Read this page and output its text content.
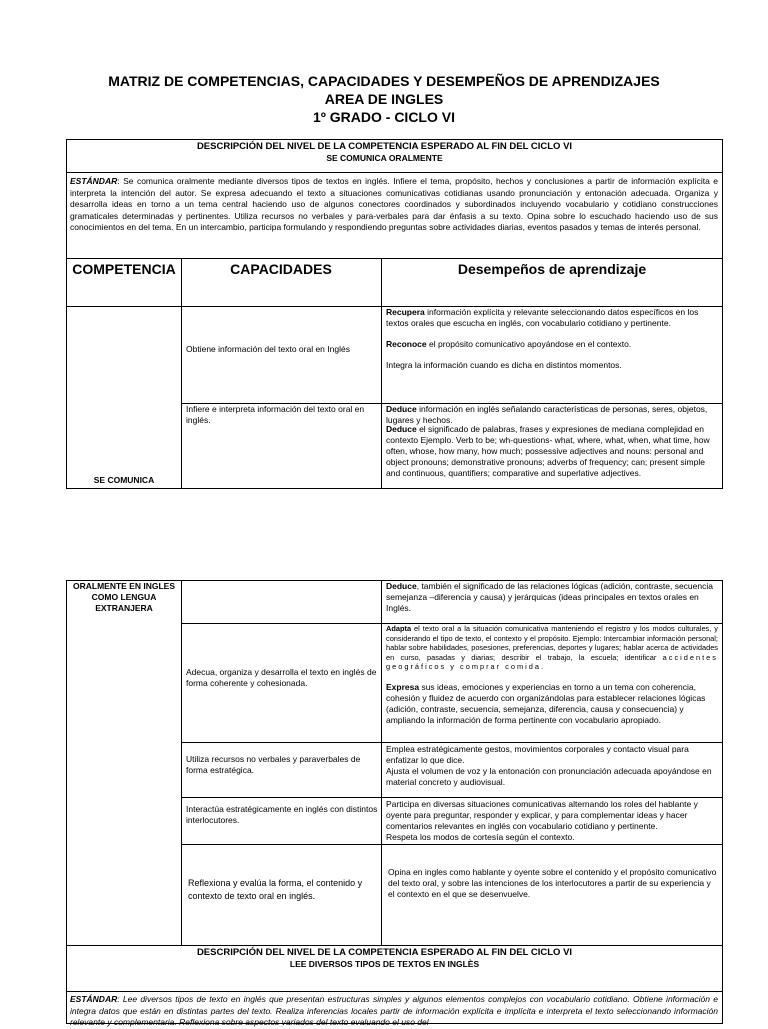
MATRIZ DE COMPETENCIAS, CAPACIDADES Y DESEMPEÑOS DE APRENDIZAJES
AREA DE INGLES
1º GRADO - CICLO VI
DESCRIPCIÓN DEL NIVEL DE LA COMPETENCIA ESPERADO AL FIN DEL CICLO VI
SE COMUNICA ORALMENTE
ESTÁNDAR: Se comunica oralmente mediante diversos tipos de textos en inglés. Infiere el tema, propósito, hechos y conclusiones a partir de información explícita e interpreta la intención del autor. Se expresa adecuando el texto a situaciones comunicativas cotidianas usando pronunciación y entonación adecuada. Organiza y desarrolla ideas en torno a un tema central haciendo uso de algunos conectores coordinados y subordinados incluyendo vocabulario y cotidiano construcciones gramaticales determinadas y pertinentes. Utiliza recursos no verbales y para-verbales para dar énfasis a su texto. Opina sobre lo escuchado haciendo uso de sus conocimientos en del tema. En un intercambio, participa formulando y respondiendo preguntas sobre actividades diarias, eventos pasados y temas de interés personal.
COMPETENCIA	CAPACIDADES	Desempeños de aprendizaje
SE COMUNICA
Obtiene información del texto oral en Inglés
Recupera información explícita y relevante seleccionando datos específicos en los textos orales que escucha en inglés, con vocabulario cotidiano y pertinente.
Reconoce el propósito comunicativo apoyándose en el contexto.
Integra la información cuando es dicha en distintos momentos.
Infiere e interpreta información del texto oral en inglés.
Deduce información en inglés señalando características de personas, seres, objetos, lugares y hechos.
Deduce el significado de palabras, frases y expresiones de mediana complejidad en contexto Ejemplo. Verb to be; wh-questions- what, where, what, when, what time, how often, whose, how many, how much; possessive adjectives and nouns: personal and object pronouns; demonstrative pronouns; adverbs of frequency; can; present simple and continuous, quantifiers; comparative and superlative adjectives.
ORALMENTE EN INGLES COMO LENGUA EXTRANJERA
Deduce, también el significado de las relaciones lógicas (adición, contraste, secuencia semejanza –diferencia y causa) y jerárquicas (ideas principales en textos orales en Inglés.
Adecua, organiza y desarrolla el texto en inglés de forma coherente y cohesionada.
Adapta el texto oral a la situación comunicativa manteniendo el registro y los modos culturales, y considerando el tipo de texto, el contexto y el propósito. Ejemplo: Intercambiar información personal; hablar sobre habilidades, posesiones, preferencias, deportes y lugares; hablar acerca de actividades en curso, pasadas y diarias; describir el trabajo, la escuela; identificar accidentes geográficos y comprar comida.
Expresa sus ideas, emociones y experiencias en torno a un tema con coherencia, cohesión y fluidez de acuerdo con organizándolas para establecer relaciones lógicas (adición, contraste, secuencia, semejanza, diferencia, causa y consecuencia) y ampliando la información de forma pertinente con vocabulario apropiado.
Utiliza recursos no verbales y paraverbales de forma estratégica.
Emplea estratégicamente gestos, movimientos corporales y contacto visual para enfatizar lo que dice.
Ajusta el volumen de voz y la entonación con pronunciación adecuada apoyándose en material concreto y audiovisual.
Interactúa estratégicamente en inglés con distintos interlocutores.
Participa en diversas situaciones comunicativas alternando los roles del hablante y oyente para preguntar, responder y explicar, y para complementar ideas y hacer comentarios relevantes en inglés con vocabulario cotidiano y pertinente.
Respeta los modos de cortesía según el contexto.
Reflexiona y evalúa la forma, el contenido y contexto de texto oral en inglés.
Opina en ingles como hablante y oyente sobre el contenido y el propósito comunicativo del texto oral, y sobre las intenciones de los interlocutores a partir de su experiencia y el contexto en el que se desenvuelve.
DESCRIPCIÓN DEL NIVEL DE LA COMPETENCIA ESPERADO AL FIN DEL CICLO VI
LEE DIVERSOS TIPOS DE TEXTOS EN INGLÈS
ESTÁNDAR: Lee diversos tipos de texto en inglés que presentan estructuras simples y algunos elementos complejos con vocabulario cotidiano. Obtiene información e integra datos que están en distintas partes del texto. Realiza inferencias locales partir de información explícita e implícita e interpreta el texto seleccionando información relevante y complementaria. Reflexiona sobre aspectos variados del texto evaluando el uso del
